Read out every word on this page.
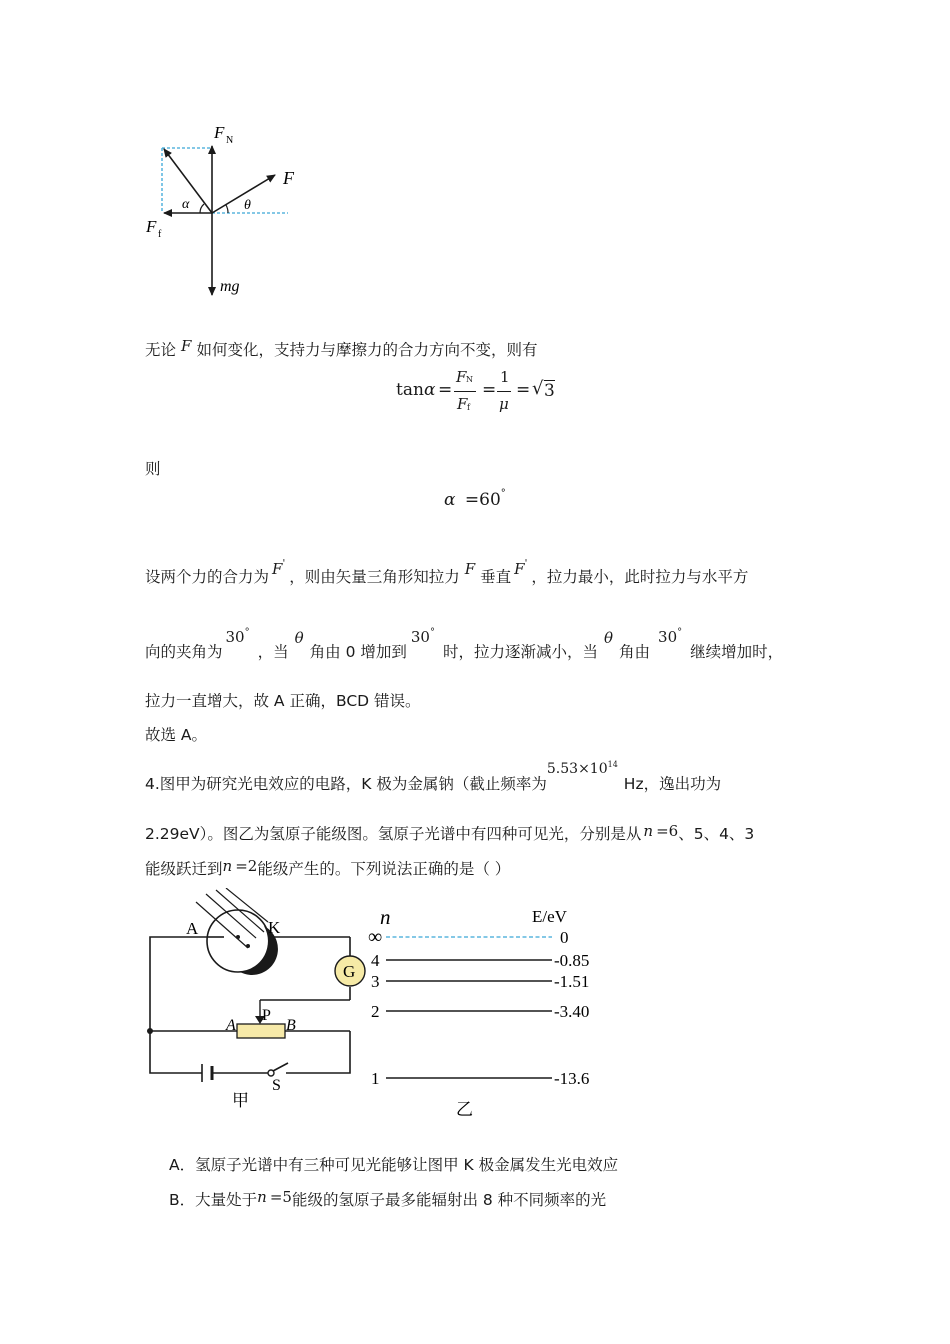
F N
F
F f
mg
α	θ
无论 F 如何变化，支持力与摩擦力的合力方向不变，则有
tan α =
F N
F f
=
1
μ
= √ 3
则
α =60°
设两个力的合力为 F'，则由矢量三角形知拉力 F 垂直 F'，拉力最小，此时拉力与水平方
向的夹角为30°，当θ角由 0 增加到30°时，拉力逐渐减小，当θ角由30°继续增加时，
拉力一直增大，故 A 正确，BCD 错误。
故选 A。
4.图甲为研究光电效应的电路，K 极为金属钠（截止频率为$5.53\times 10^{14}Hz$，逸出功为
2.29eV）。图乙为氢原子能级图。氢原子光谱中有四种可见光，分别是从 n =6、5、4、3
能级跃迁到n =2能级产生的。下列说法正确的是（ ）
G
A	K
P
A	B
S
甲
n	E/eV
∞	0
4	-0.85
3	-1.51
2	-3.40
1	-13.6
乙
A．氢原子光谱中有三种可见光能够让图甲 K 极金属发生光电效应
B．大量处于n =5能级的氢原子最多能辐射出 8 种不同频率的光
